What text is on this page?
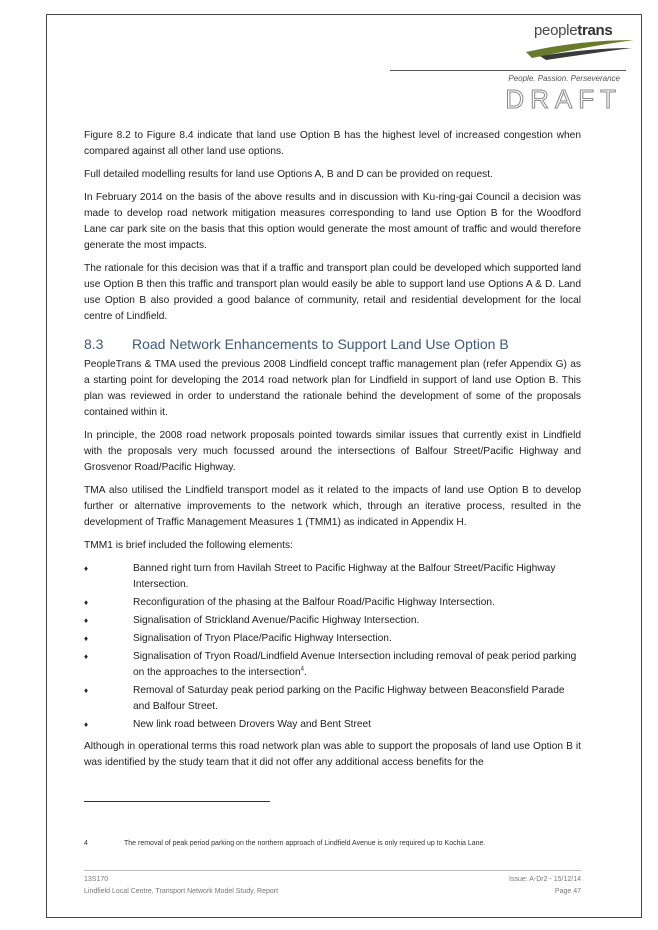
peopletrans
People. Passion. Perseverance
DRAFT

Figure 8.2 to Figure 8.4 indicate that land use Option B has the highest level of increased congestion when compared against all other land use options.

Full detailed modelling results for land use Options A, B and D can be provided on request.

In February 2014 on the basis of the above results and in discussion with Ku-ring-gai Council a decision was made to develop road network mitigation measures corresponding to land use Option B for the Woodford Lane car park site on the basis that this option would generate the most amount of traffic and would therefore generate the most impacts.

The rationale for this decision was that if a traffic and transport plan could be developed which supported land use Option B then this traffic and transport plan would easily be able to support land use Options A & D. Land use Option B also provided a good balance of community, retail and residential development for the local centre of Lindfield.

8.3 Road Network Enhancements to Support Land Use Option B

PeopleTrans & TMA used the previous 2008 Lindfield concept traffic management plan (refer Appendix G) as a starting point for developing the 2014 road network plan for Lindfield in support of land use Option B. This plan was reviewed in order to understand the rationale behind the development of some of the proposals contained within it.

In principle, the 2008 road network proposals pointed towards similar issues that currently exist in Lindfield with the proposals very much focussed around the intersections of Balfour Street/Pacific Highway and Grosvenor Road/Pacific Highway.

TMA also utilised the Lindfield transport model as it related to the impacts of land use Option B to develop further or alternative improvements to the network which, through an iterative process, resulted in the development of Traffic Management Measures 1 (TMM1) as indicated in Appendix H.

TMM1 is brief included the following elements:

♦	Banned right turn from Havilah Street to Pacific Highway at the Balfour Street/Pacific Highway Intersection.
♦	Reconfiguration of the phasing at the Balfour Road/Pacific Highway Intersection.
♦	Signalisation of Strickland Avenue/Pacific Highway Intersection.
♦	Signalisation of Tryon Place/Pacific Highway Intersection.
♦	Signalisation of Tryon Road/Lindfield Avenue Intersection including removal of peak period parking on the approaches to the intersection$^4$.
♦	Removal of Saturday peak period parking on the Pacific Highway between Beaconsfield Parade and Balfour Street.
♦	New link road between Drovers Way and Bent Street

Although in operational terms this road network plan was able to support the proposals of land use Option B it was identified by the study team that it did not offer any additional access benefits for the

4	The removal of peak period parking on the northern approach of Lindfield Avenue is only required up to Kochia Lane.
13S170
Lindfield Local Centre, Transport Network Model Study, Report
Issue: A-Dr2 - 15/12/14
Page 47
